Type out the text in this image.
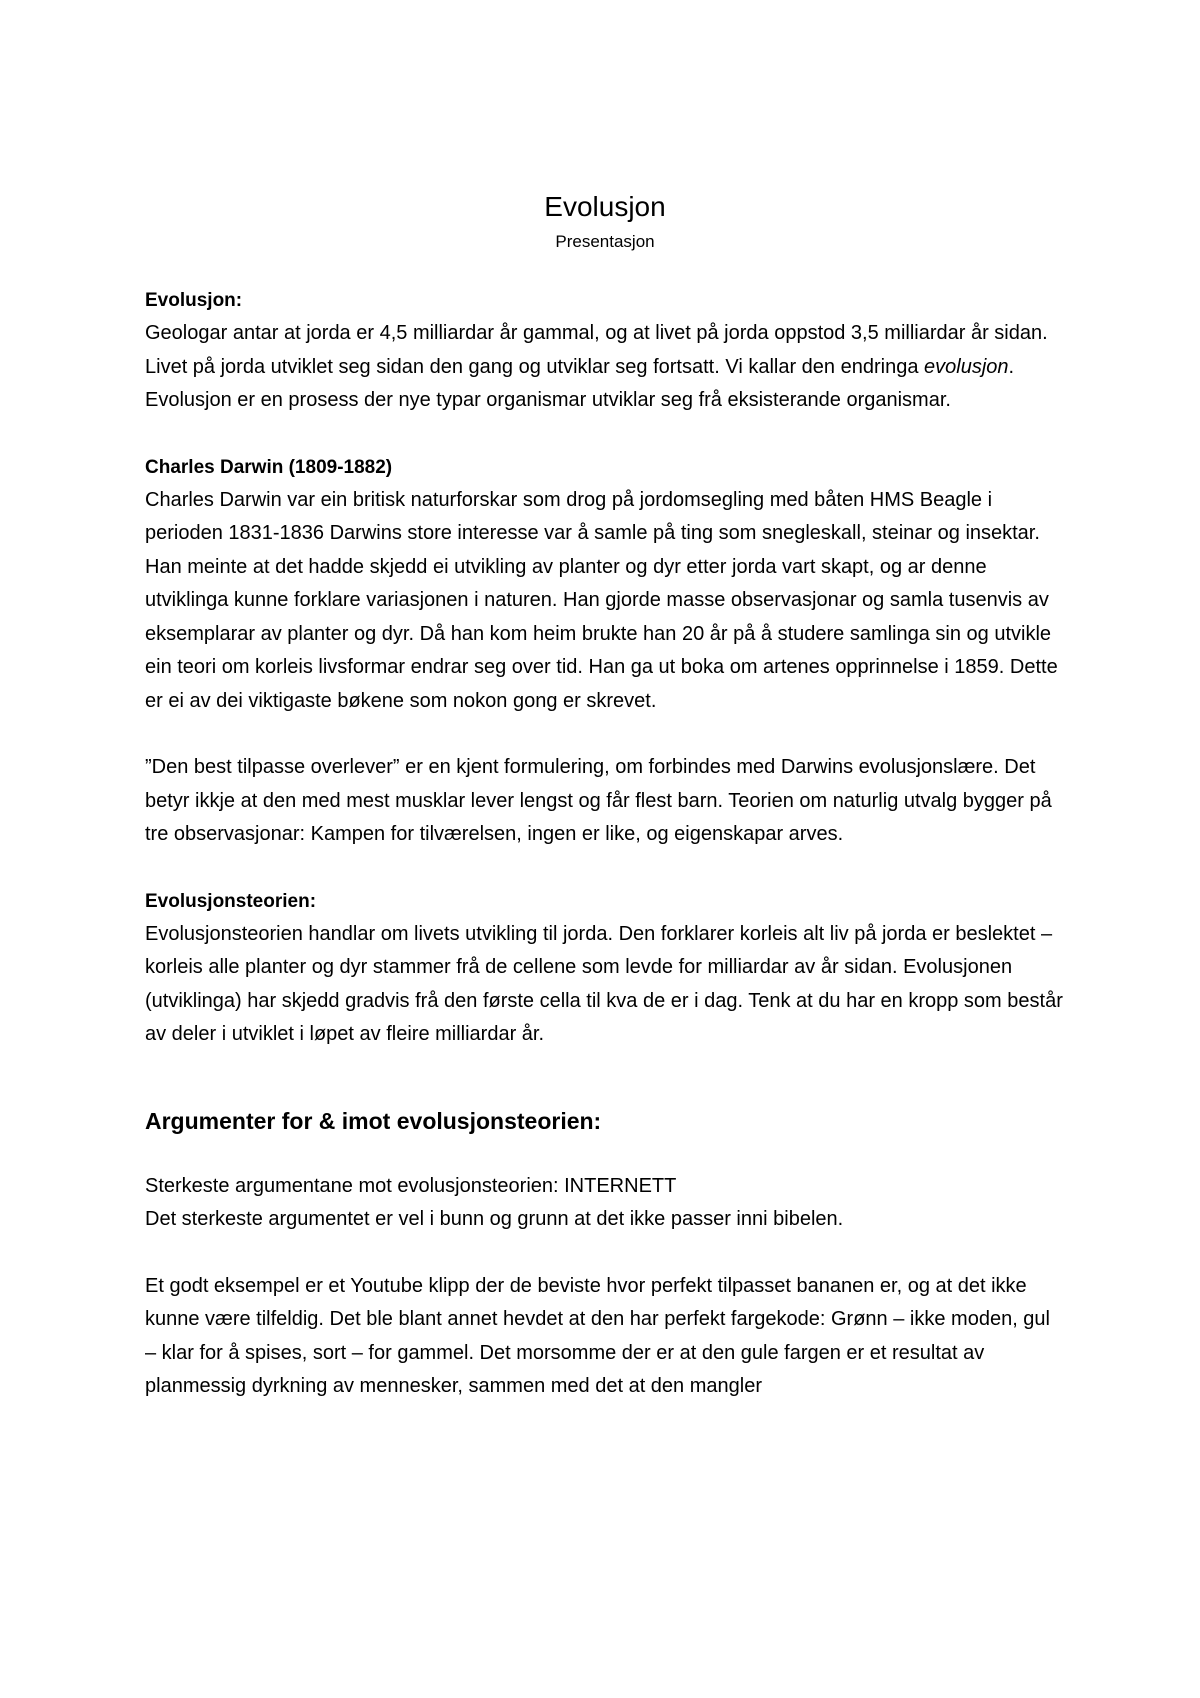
Evolusjon
Presentasjon
Evolusjon:

Geologar antar at jorda er 4,5 milliardar år gammal, og at livet på jorda oppstod 3,5 milliardar år sidan. Livet på jorda utviklet seg sidan den gang og utviklar seg fortsatt. Vi kallar den endringa evolusjon. Evolusjon er en prosess der nye typar organismar utviklar seg frå eksisterande organismar.

Charles Darwin (1809-1882)

Charles Darwin var ein britisk naturforskar som drog på jordomsegling med båten HMS Beagle i perioden 1831-1836 Darwins store interesse var å samle på ting som snegleskall, steinar og insektar. Han meinte at det hadde skjedd ei utvikling av planter og dyr etter jorda vart skapt, og ar denne utviklinga kunne forklare variasjonen i naturen. Han gjorde masse observasjonar og samla tusenvis av eksemplarar av planter og dyr. Då han kom heim brukte han 20 år på å studere samlinga sin og utvikle ein teori om korleis livsformar endrar seg over tid. Han ga ut boka om artenes opprinnelse i 1859. Dette er ei av dei viktigaste bøkene som nokon gong er skrevet.

”Den best tilpasse overlever” er en kjent formulering, om forbindes med Darwins evolusjonslære. Det betyr ikkje at den med mest musklar lever lengst og får flest barn. Teorien om naturlig utvalg bygger på tre observasjonar: Kampen for tilværelsen, ingen er like, og eigenskapar arves.

Evolusjonsteorien:

Evolusjonsteorien handlar om livets utvikling til jorda. Den forklarer korleis alt liv på jorda er beslektet – korleis alle planter og dyr stammer frå de cellene som levde for milliardar av år sidan. Evolusjonen (utviklinga) har skjedd gradvis frå den første cella til kva de er i dag. Tenk at du har en kropp som består av deler i utviklet i løpet av fleire milliardar år.

Argumenter for & imot evolusjonsteorien:

Sterkeste argumentane mot evolusjonsteorien: INTERNETT

Det sterkeste argumentet er vel i bunn og grunn at det ikke passer inni bibelen.

Et godt eksempel er et Youtube klipp der de beviste hvor perfekt tilpasset bananen er, og at det ikke kunne være tilfeldig. Det ble blant annet hevdet at den har perfekt fargekode: Grønn – ikke moden, gul – klar for å spises, sort – for gammel. Det morsomme der er at den gule fargen er et resultat av planmessig dyrkning av mennesker, sammen med det at den mangler
